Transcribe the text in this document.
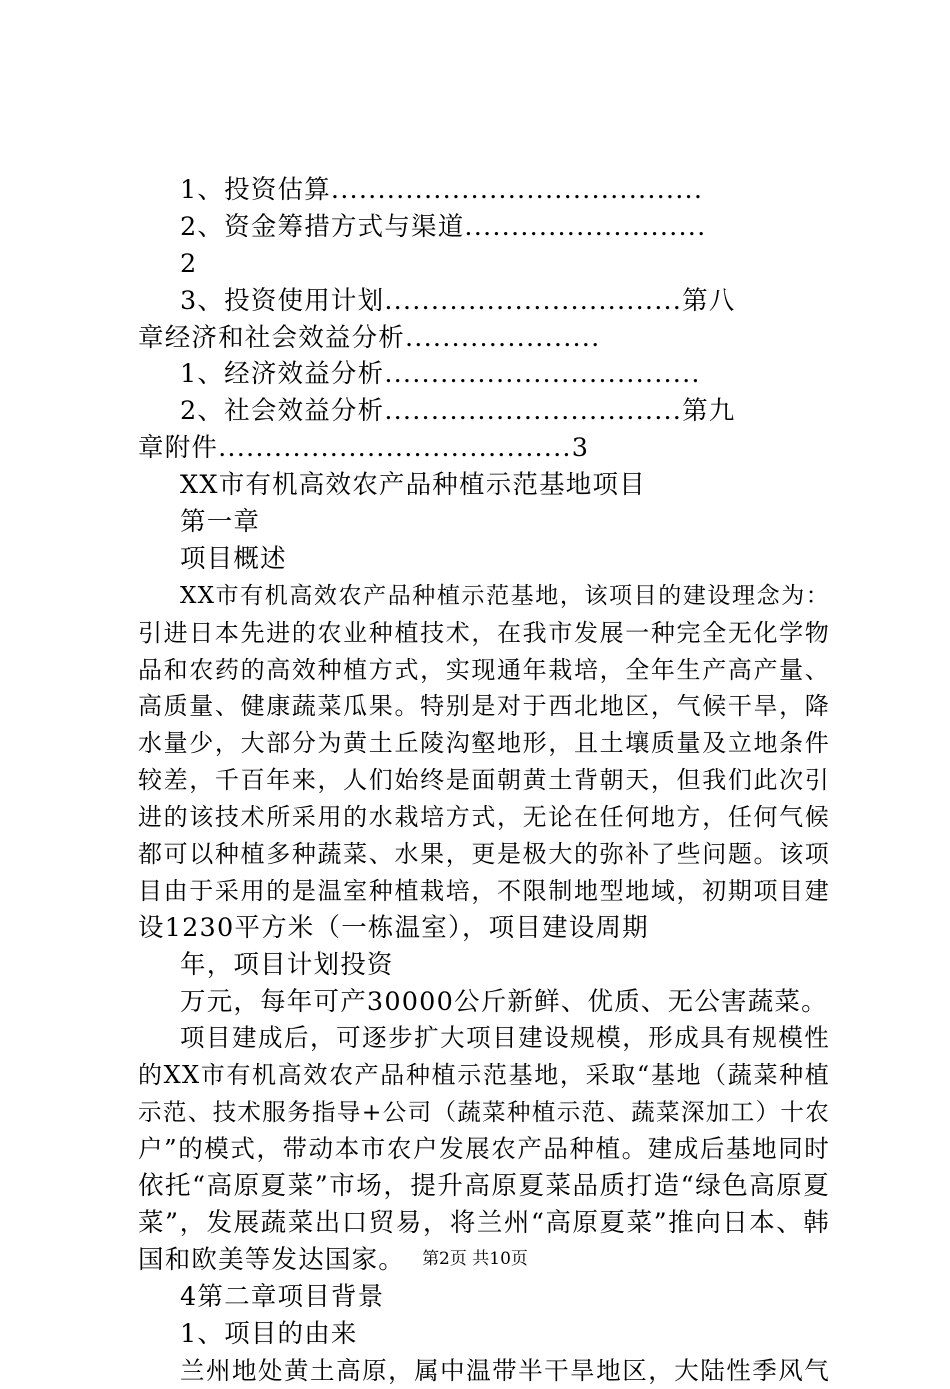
1、投资估算........................................
2、资金筹措方式与渠道..........................
2
3、投资使用计划................................第八
章经济和社会效益分析.....................
1、经济效益分析..................................
2、社会效益分析................................第九
章附件......................................3
XX市有机高效农产品种植示范基地项目
第一章
项目概述
XX市有机高效农产品种植示范基地，该项目的建设理念为：
引进日本先进的农业种植技术，在我市发展一种完全无化学物
品和农药的高效种植方式，实现通年栽培，全年生产高产量、
高质量、健康蔬菜瓜果。特别是对于西北地区，气候干旱，降
水量少，大部分为黄土丘陵沟壑地形，且土壤质量及立地条件
较差，千百年来，人们始终是面朝黄土背朝天，但我们此次引
进的该技术所采用的水栽培方式，无论在任何地方，任何气候
都可以种植多种蔬菜、水果，更是极大的弥补了些问题。该项
目由于采用的是温室种植栽培，不限制地型地域，初期项目建
设1230平方米（一栋温室），项目建设周期
年，项目计划投资
万元，每年可产30000公斤新鲜、优质、无公害蔬菜。
项目建成后，可逐步扩大项目建设规模，形成具有规模性
的XX市有机高效农产品种植示范基地，采取“基地（蔬菜种植
示范、技术服务指导+公司（蔬菜种植示范、蔬菜深加工）十农
户”的模式，带动本市农户发展农产品种植。建成后基地同时
依托“高原夏菜”市场，提升高原夏菜品质打造“绿色高原夏
菜”，发展蔬菜出口贸易，将兰州“高原夏菜”推向日本、韩
国和欧美等发达国家。
4第二章项目背景
1、项目的由来
兰州地处黄土高原，属中温带半干旱地区，大陆性季风气
第2页 共10页
